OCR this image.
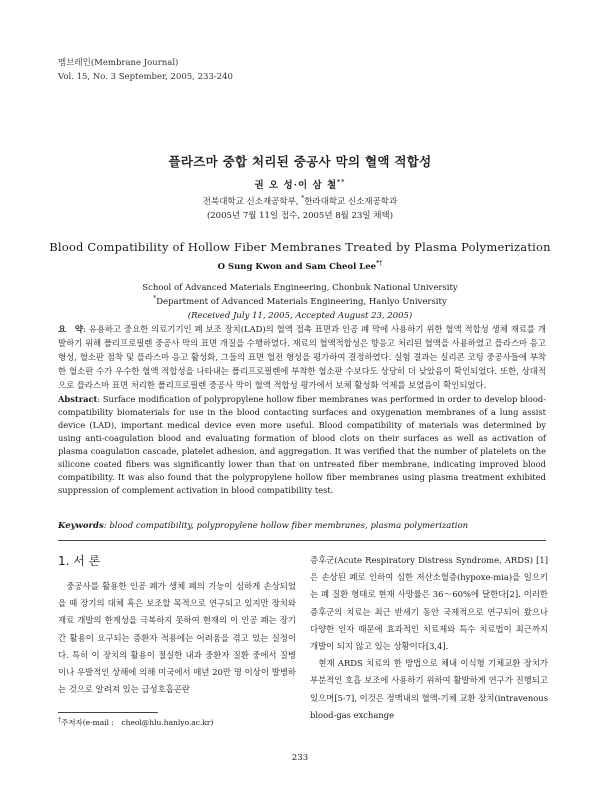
멤브레인(Membrane Journal)
Vol. 15, No. 3 September, 2005, 233-240
플라즈마 중합 처리된 중공사 막의 혈액 적합성
권 오 성·이 삼 철**
전북대학교 신소재공학부, *한라대학교 신소재공학과
(2005년 7월 11일 접수, 2005년 8월 23일 채택)
Blood Compatibility of Hollow Fiber Membranes Treated by Plasma Polymerization
O Sung Kwon and Sam Cheol Lee*†
School of Advanced Materials Engineering, Chonbuk National University
*Department of Advanced Materials Engineering, Hanlyo University
(Received July 11, 2005, Accepted August 23, 2005)
요　약: 유용하고 중요한 의료기기인 폐 보조 장치(LAD)의 혈액 접촉 표면과 인공 폐 막에 사용하기 위한 혈액 적합성 생체 재료를 개발하기 위해 폴리프로필렌 중공사 막의 표면 개질을 수행하였다. 재료의 혈액적합성은 향응고 처리된 혈액을 사용하였고 플라스마 응고 형성, 혈소판 점착 및 플라스마 응고 활성화, 그들의 표면 혈전 형성을 평가하여 결정하였다. 실험 결과는 실리콘 코팅 중공사들에 부착한 혈소판 수가 우수한 혈액 적합성을 나타내는 폴리프로필렌에 부착한 혈소판 수보다도 상당히 더 낮았음이 확인되었다. 또한, 상대적으로 플라스마 표면 처리한 폴리프로필렌 중공사 막이 혈액 적합성 평가에서 보체 활성화 억제를 보였음이 확인되었다.
Abstract: Surface modification of polypropylene hollow fiber membranes was performed in order to develop blood-compatibility biomaterials for use in the blood contacting surfaces and oxygenation membranes of a lung assist device (LAD), important medical device even more useful. Blood compatibility of materials was determined by using anti-coagulation blood and evaluating formation of blood clots on their surfaces as well as activation of plasma coagulation cascade, platelet adhesion, and aggregation. It was verified that the number of platelets on the silicone coated fibers was significantly lower than that on untreated fiber membrane, indicating improved blood compatibility. It was also found that the polypropylene hollow fiber membranes using plasma treatment exhibited suppression of complement activation in blood compatibility test.
Keywords: blood compatibility, polypropylene hollow fiber membranes, plasma polymerization
1. 서 론

중공사를 활용한 인공 폐가 생체 폐의 기능이 심하게 손상되었을 때 장기의 대체 혹은 보조할 목적으로 연구되고 있지만 장치와 재료 개발의 한계성을 극복하지 못하여 현재의 이 인공 폐는 장기간 활용이 요구되는 증환자 적용에는 어려움을 겪고 있는 실정이다. 특히 이 장치의 활용이 절실한 내과 중환자 질환 중에서 질병이나 우발적인 상해에 의해 미국에서 매년 20만 명 이상이 발병하는 것으로 알려져 있는 급성호흡곤란

증후군(Acute Respiratory Distress Syndrome, ARDS) [1]은 손상된 폐로 인하여 심한 저산소혈증(hypoxe-mia)을 일으키는 폐 질환 형태로 현재 사망률은 36～60%에 달한다[2]. 이러한 증후군의 치료는 최근 반세기 동안 국제적으로 연구되어 왔으나 다양한 인자 때문에 효과적인 치료제와 특수 치료법이 최근까지 개발이 되지 않고 있는 상황이다[3,4].

현재 ARDS 치료의 한 방법으로 체내 이식형 기체교환 장치가 부분적인 호흡 보조에 사용하기 위하여 활발하게 연구가 진행되고 있으며[5-7], 이것은 정맥내의 혈액-기체 교환 장치(intravenous blood-gas exchange

†주저자(e-mail :　cheol@hlu.hanlyo.ac.kr)
233
